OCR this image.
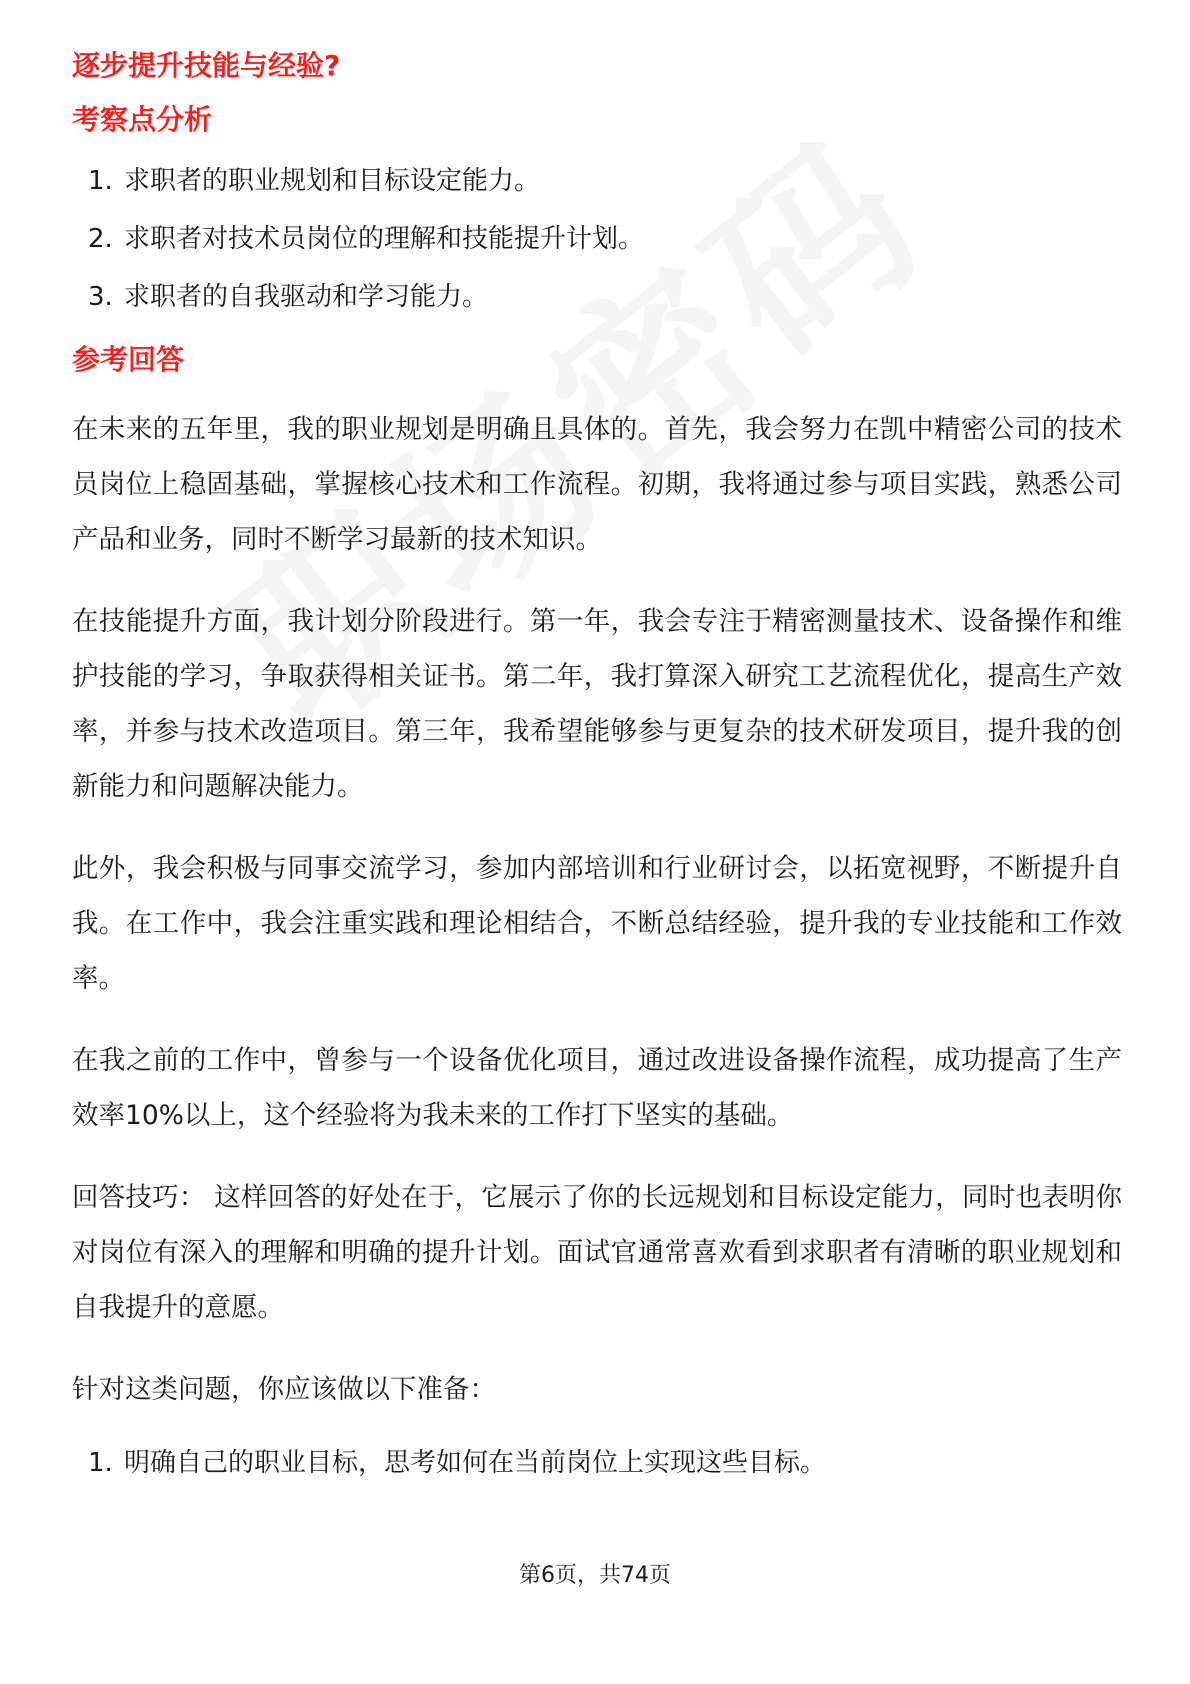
逐步提升技能与经验?
考察点分析
1. 求职者的职业规划和目标设定能力。
2. 求职者对技术员岗位的理解和技能提升计划。
3. 求职者的自我驱动和学习能力。
参考回答

在未来的五年里，我的职业规划是明确且具体的。首先，我会努力在凯中精密公司的技术员岗位上稳固基础，掌握核心技术和工作流程。初期，我将通过参与项目实践，熟悉公司产品和业务，同时不断学习最新的技术知识。

在技能提升方面，我计划分阶段进行。第一年，我会专注于精密测量技术、设备操作和维护技能的学习，争取获得相关证书。第二年，我打算深入研究工艺流程优化，提高生产效率，并参与技术改造项目。第三年，我希望能够参与更复杂的技术研发项目，提升我的创新能力和问题解决能力。

此外，我会积极与同事交流学习，参加内部培训和行业研讨会，以拓宽视野，不断提升自我。在工作中，我会注重实践和理论相结合，不断总结经验，提升我的专业技能和工作效率。

在我之前的工作中，曾参与一个设备优化项目，通过改进设备操作流程，成功提高了生产效率10%以上，这个经验将为我未来的工作打下坚实的基础。

回答技巧： 这样回答的好处在于，它展示了你的长远规划和目标设定能力，同时也表明你对岗位有深入的理解和明确的提升计划。面试官通常喜欢看到求职者有清晰的职业规划和自我提升的意愿。

针对这类问题，你应该做以下准备：

1. 明确自己的职业目标，思考如何在当前岗位上实现这些目标。
第6页，共74页
